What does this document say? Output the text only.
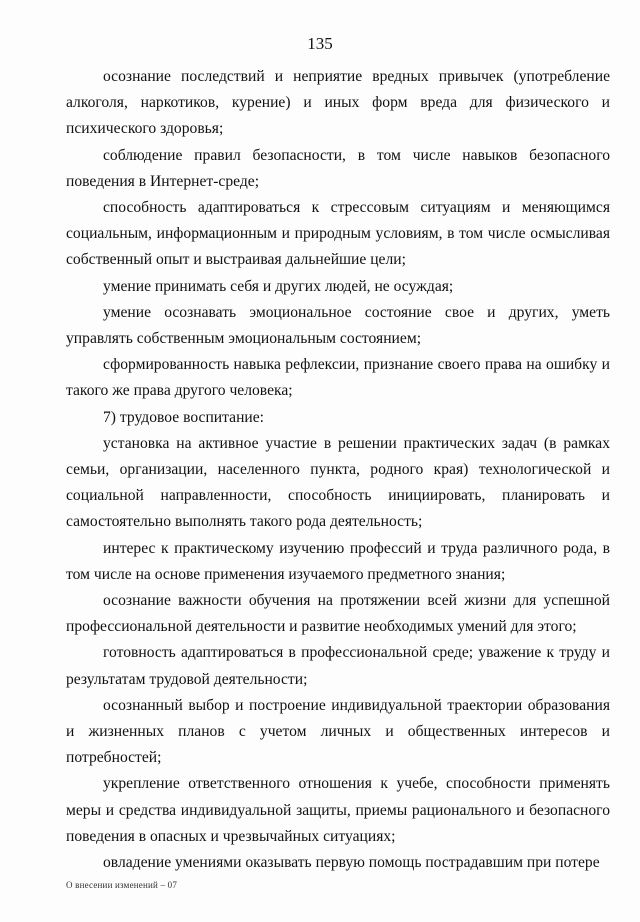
135

осознание последствий и неприятие вредных привычек (употребление алкоголя, наркотиков, курение) и иных форм вреда для физического и психического здоровья;

соблюдение правил безопасности, в том числе навыков безопасного поведения в Интернет-среде;

способность адаптироваться к стрессовым ситуациям и меняющимся социальным, информационным и природным условиям, в том числе осмысливая собственный опыт и выстраивая дальнейшие цели;

умение принимать себя и других людей, не осуждая;

умение осознавать эмоциональное состояние свое и других, уметь управлять собственным эмоциональным состоянием;

сформированность навыка рефлексии, признание своего права на ошибку и такого же права другого человека;

7) трудовое воспитание:

установка на активное участие в решении практических задач (в рамках семьи, организации, населенного пункта, родного края) технологической и социальной направленности, способность инициировать, планировать и самостоятельно выполнять такого рода деятельность;

интерес к практическому изучению профессий и труда различного рода, в том числе на основе применения изучаемого предметного знания;

осознание важности обучения на протяжении всей жизни для успешной профессиональной деятельности и развитие необходимых умений для этого;

готовность адаптироваться в профессиональной среде; уважение к труду и результатам трудовой деятельности;

осознанный выбор и построение индивидуальной траектории образования и жизненных планов с учетом личных и общественных интересов и потребностей;

укрепление ответственного отношения к учебе, способности применять меры и средства индивидуальной защиты, приемы рационального и безопасного поведения в опасных и чрезвычайных ситуациях;

овладение умениями оказывать первую помощь пострадавшим при потере

О внесении изменений – 07
